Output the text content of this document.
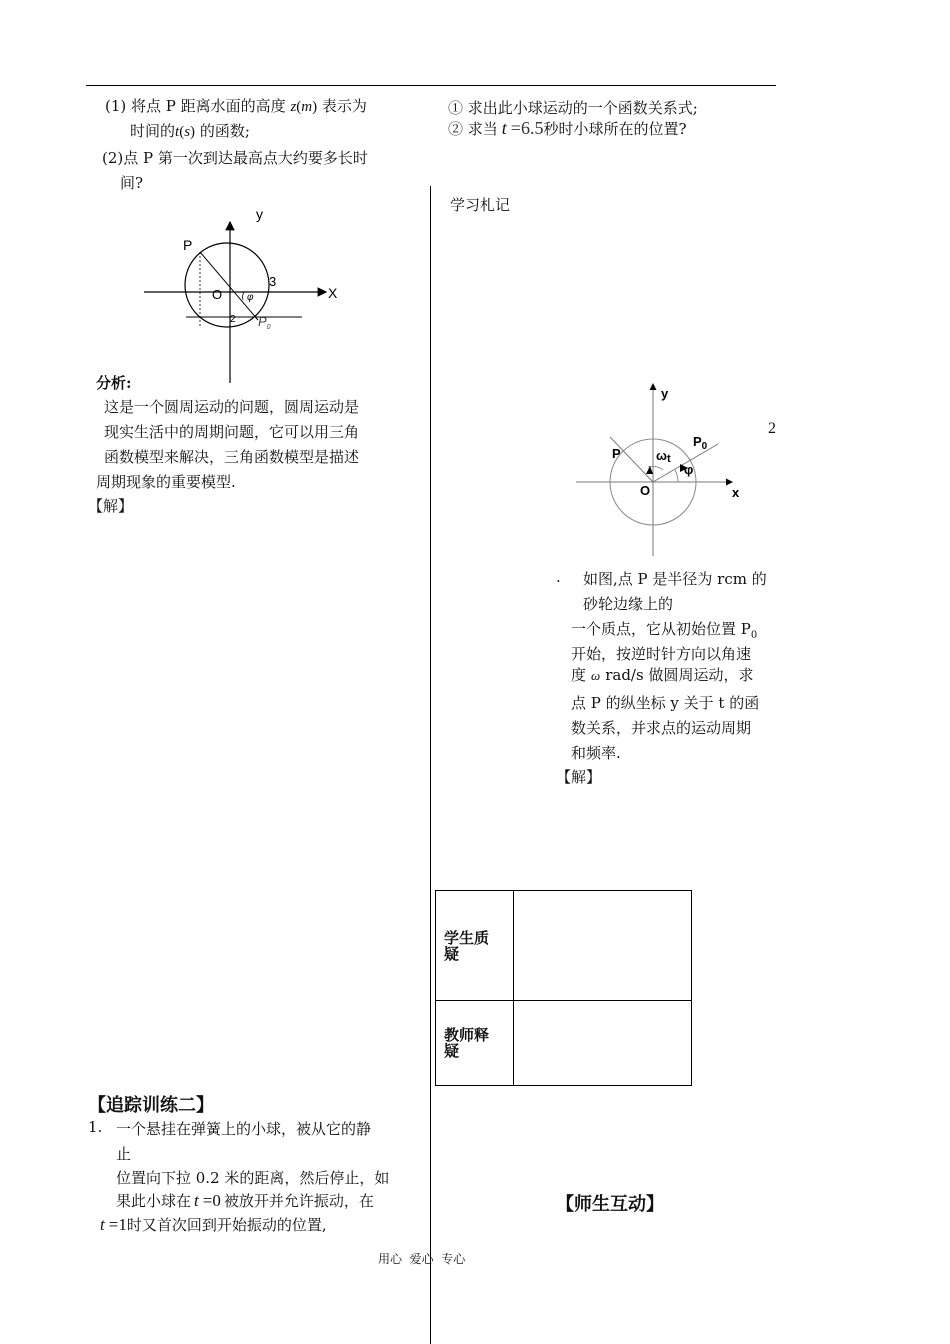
(1) 将点 P 距离水面的高度 z(m) 表示为
时间的t(s) 的函数;
(2)点 P 第一次到达最高点大约要多长时
间?
y
P
O
3
X
φ
2 $P_0$
分析:
这是一个圆周运动的问题，圆周运动是
现实生活中的周期问题，它可以用三角
函数模型来解决，三角函数模型是描述
周期现象的重要模型.
【解】
【追踪训练二】
1. 一个悬挂在弹簧上的小球，被从它的静
止
位置向下拉 0.2 米的距离，然后停止，如
果此小球在 t =0 被放开并允许振动，在
t =1时又首次回到开始振动的位置,
① 求出此小球运动的一个函数关系式;
② 求当 t =6.5秒时小球所在的位置?
学习札记
y
$P_0$
P	ωt
φ
O	x
2
. 如图,点 P 是半径为 rcm 的
砂轮边缘上的
一个质点，它从初始位置 $P_0$
开始，按逆时针方向以角速
度 ω rad/s 做圆周运动，求
点 P 的纵坐标 y 关于 t 的函
数关系，并求点的运动周期
和频率.
【解】
学生质
疑
教师释
疑
【师生互动】
用心  爱心  专心
